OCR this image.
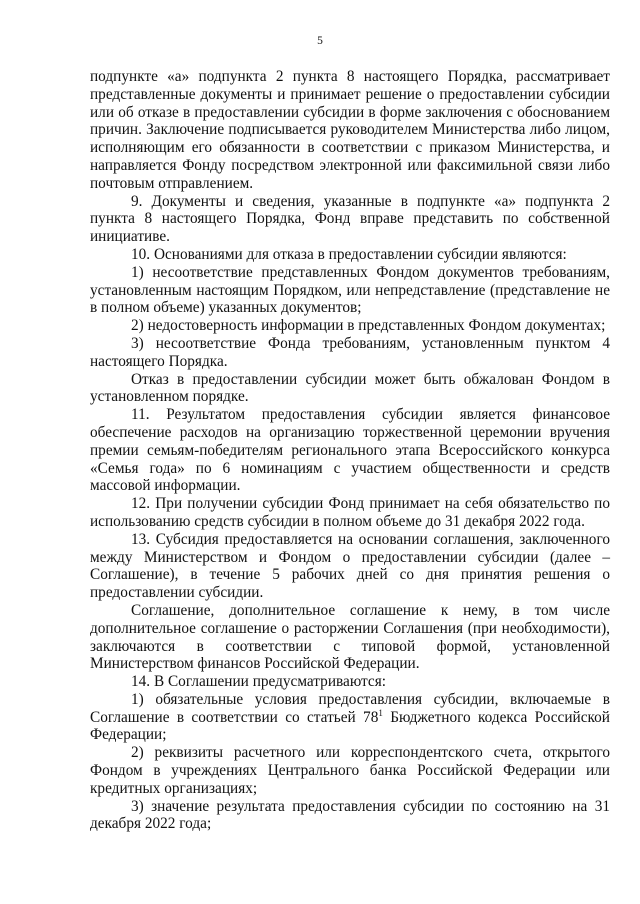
5

подпункте «а» подпункта 2 пункта 8 настоящего Порядка, рассматривает представленные документы и принимает решение о предоставлении субсидии или об отказе в предоставлении субсидии в форме заключения с обоснованием причин. Заключение подписывается руководителем Министерства либо лицом, исполняющим его обязанности в соответствии с приказом Министерства, и направляется Фонду посредством электронной или факсимильной связи либо почтовым отправлением.

9. Документы и сведения, указанные в подпункте «а» подпункта 2 пункта 8 настоящего Порядка, Фонд вправе представить по собственной инициативе.

10. Основаниями для отказа в предоставлении субсидии являются:

1) несоответствие представленных Фондом документов требованиям, установленным настоящим Порядком, или непредставление (представление не в полном объеме) указанных документов;

2) недостоверность информации в представленных Фондом документах;

3) несоответствие Фонда требованиям, установленным пунктом 4 настоящего Порядка.

Отказ в предоставлении субсидии может быть обжалован Фондом в установленном порядке.

11. Результатом предоставления субсидии является финансовое обеспечение расходов на организацию торжественной церемонии вручения премии семьям-победителям регионального этапа Всероссийского конкурса «Семья года» по 6 номинациям с участием общественности и средств массовой информации.

12. При получении субсидии Фонд принимает на себя обязательство по использованию средств субсидии в полном объеме до 31 декабря 2022 года.

13. Субсидия предоставляется на основании соглашения, заключенного между Министерством и Фондом о предоставлении субсидии (далее – Соглашение), в течение 5 рабочих дней со дня принятия решения о предоставлении субсидии.

Соглашение, дополнительное соглашение к нему, в том числе дополнительное соглашение о расторжении Соглашения (при необходимости), заключаются в соответствии с типовой формой, установленной Министерством финансов Российской Федерации.

14. В Соглашении предусматриваются:

1) обязательные условия предоставления субсидии, включаемые в Соглашение в соответствии со статьей $78^1$ Бюджетного кодекса Российской Федерации;

2) реквизиты расчетного или корреспондентского счета, открытого Фондом в учреждениях Центрального банка Российской Федерации или кредитных организациях;

3) значение результата предоставления субсидии по состоянию на 31 декабря 2022 года;
